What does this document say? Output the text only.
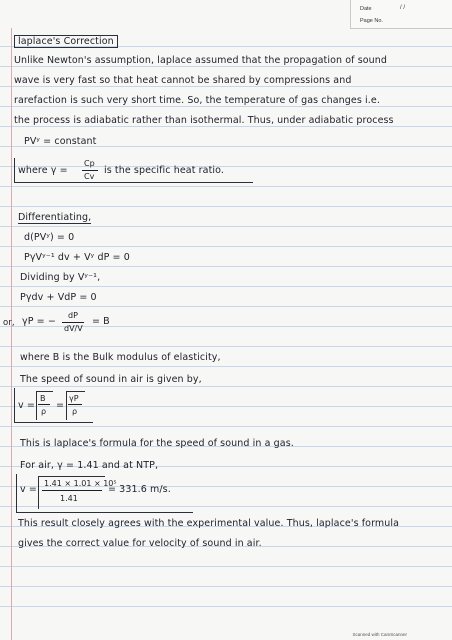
Date	/ /
Page No.
laplace's Correction
Unlike Newton's assumption, laplace assumed that the propagation of sound
wave is very fast so that heat cannot be shared by compressions and
rarefaction is such very short time. So, the temperature of gas changes i.e.
the process is adiabatic rather than isothermal. Thus, under adiabatic process
PVʸ = constant
where γ =
Cp
Cv
is the specific heat ratio.
Differentiating,
d(PVʸ) = 0
PγVʸ⁻¹ dv + Vʸ dP = 0
Dividing by Vʸ⁻¹,
Pγdv + VdP = 0
or, γP = −
dP
dV/V
= B
where B is the Bulk modulus of elasticity,
The speed of sound in air is given by,
v =
B
ρ
=
γP
ρ
This is laplace's formula for the speed of sound in a gas.
For air, γ = 1.41 and at NTP,
v =
1.41 × 1.01 × 10⁵
1.41
= 331.6 m/s.
This result closely agrees with the experimental value. Thus, laplace's formula
gives the correct value for velocity of sound in air.
Scanned with CamScanner
